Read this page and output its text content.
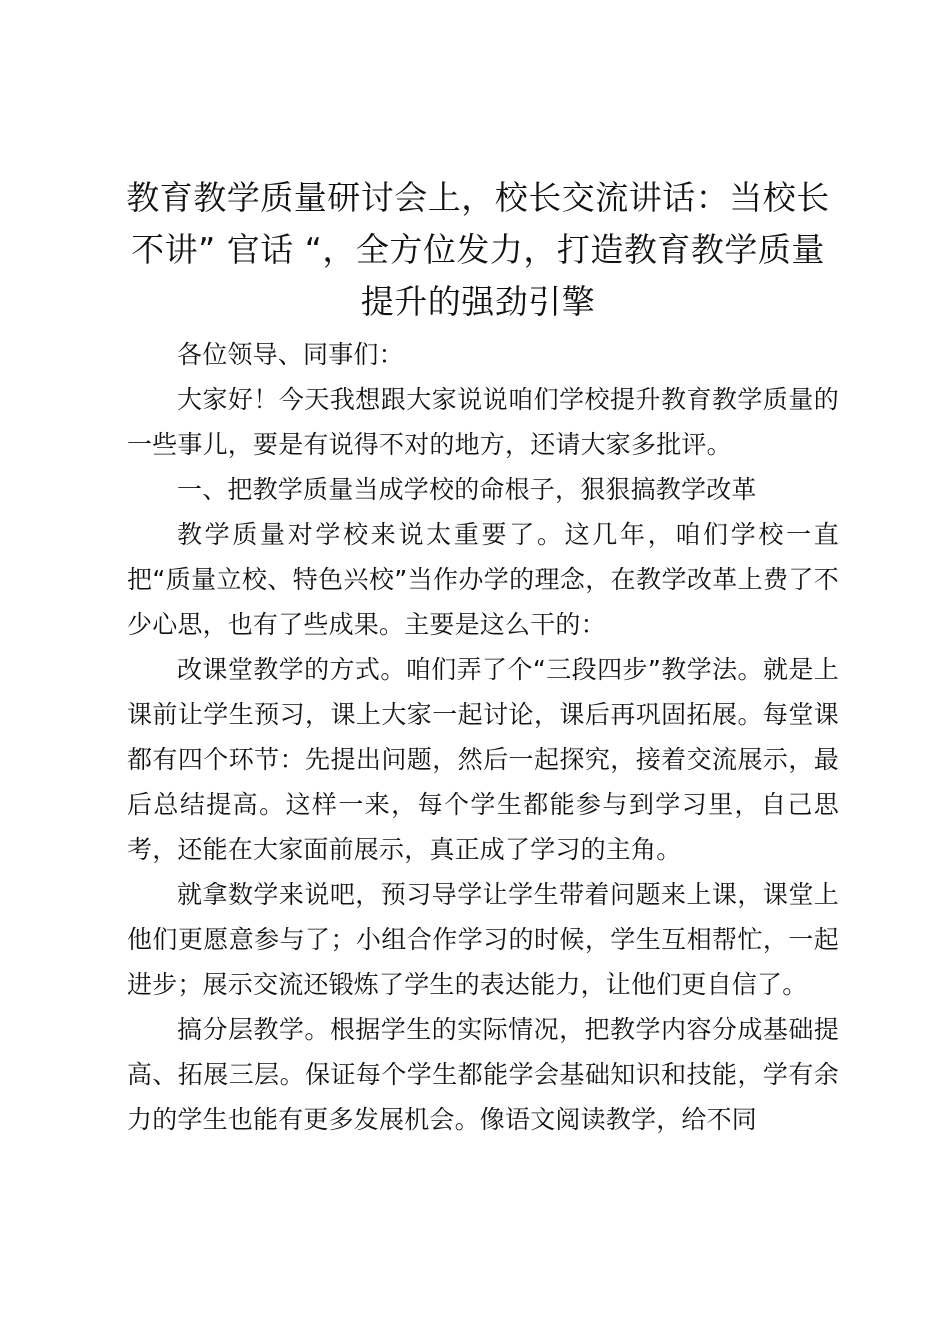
教育教学质量研讨会上，校长交流讲话：当校长不讲” 官话 “，全方位发力，打造教育教学质量提升的强劲引擎

各位领导、同事们：

大家好！今天我想跟大家说说咱们学校提升教育教学质量的一些事儿，要是有说得不对的地方，还请大家多批评。

一、把教学质量当成学校的命根子，狠狠搞教学改革

教学质量对学校来说太重要了。这几年，咱们学校一直把“质量立校、特色兴校”当作办学的理念，在教学改革上费了不少心思，也有了些成果。主要是这么干的：

改课堂教学的方式。咱们弄了个“三段四步”教学法。就是上课前让学生预习，课上大家一起讨论，课后再巩固拓展。每堂课都有四个环节：先提出问题，然后一起探究，接着交流展示，最后总结提高。这样一来，每个学生都能参与到学习里，自己思考，还能在大家面前展示，真正成了学习的主角。

就拿数学来说吧，预习导学让学生带着问题来上课，课堂上他们更愿意参与了；小组合作学习的时候，学生互相帮忙，一起进步；展示交流还锻炼了学生的表达能力，让他们更自信了。

搞分层教学。根据学生的实际情况，把教学内容分成基础提高、拓展三层。保证每个学生都能学会基础知识和技能，学有余力的学生也能有更多发展机会。像语文阅读教学，给不同
